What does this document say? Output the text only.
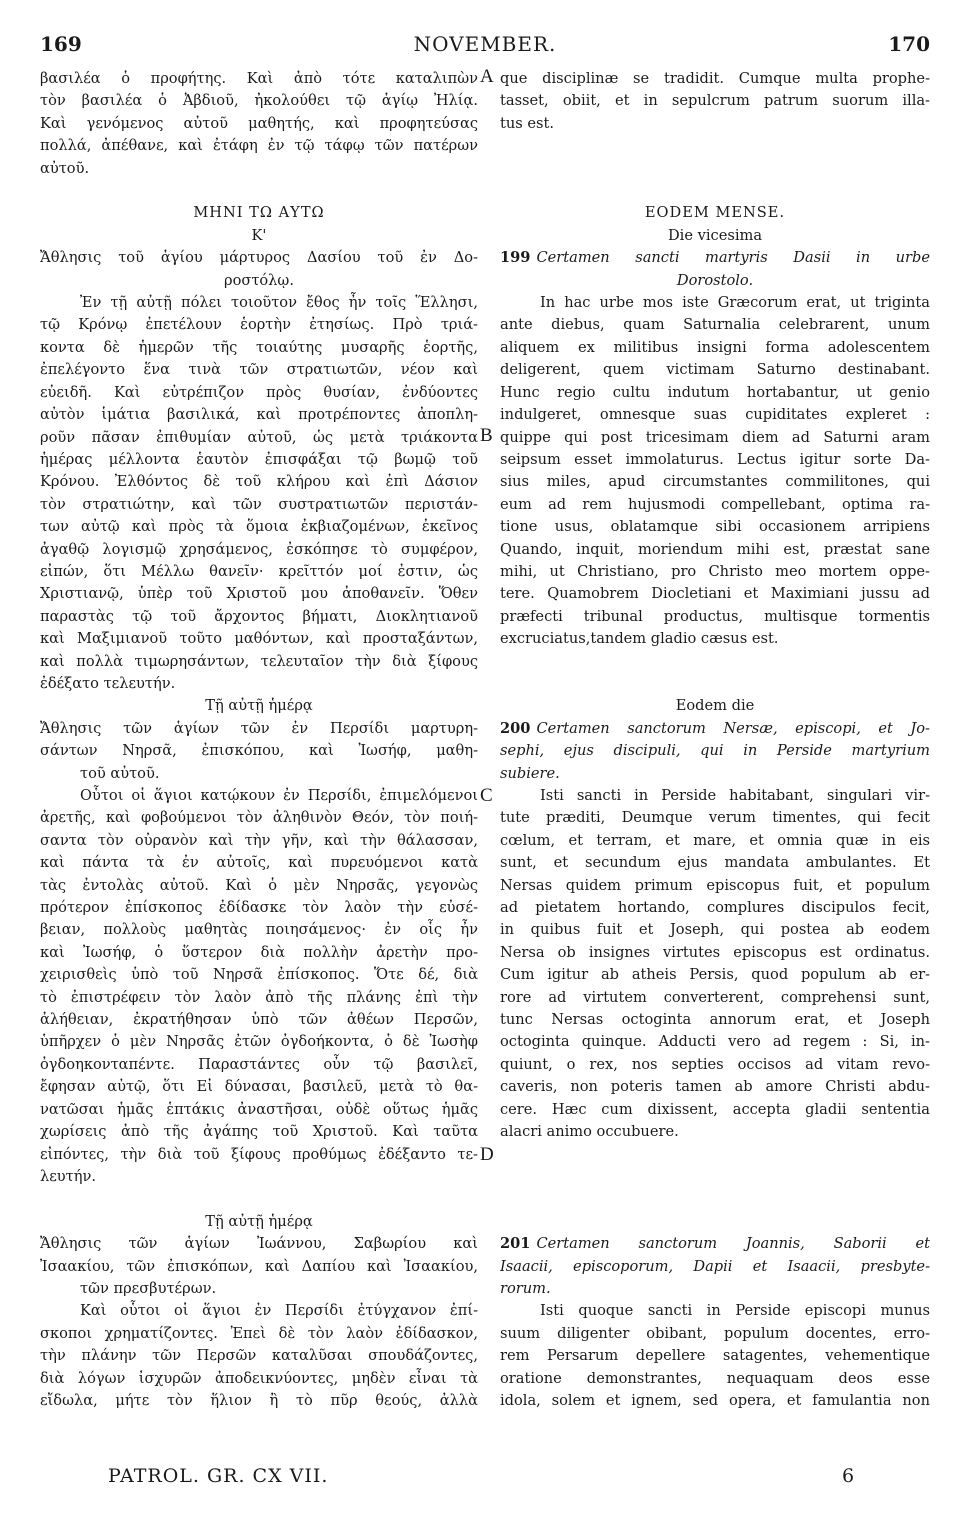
169	NOVEMBER.	170
βασιλέα ὁ προφήτης. Καὶ ἀπὸ τότε καταλιπὼν
τὸν βασιλέα ὁ Ἀβδιοῦ, ἠκολούθει τῷ ἁγίῳ Ἠλίᾳ.
Καὶ γενόμενος αὐτοῦ μαθητής, καὶ προφητεύσας
πολλά, ἀπέθανε, καὶ ἐτάφη ἐν τῷ τάφῳ τῶν πατέρων
αὐτοῦ.

ΜΗΝΙ ΤΩ ΑΥΤΩ
Κ'
Ἄθλησις τοῦ ἁγίου μάρτυρος Δασίου τοῦ ἐν Δο-
ροστόλῳ.
Ἐν τῇ αὐτῇ πόλει τοιοῦτον ἔθος ἦν τοῖς Ἕλλησι,
τῷ Κρόνῳ ἐπετέλουν ἑορτὴν ἐτησίως. Πρὸ τριά-
κοντα δὲ ἡμερῶν τῆς τοιαύτης μυσαρῆς ἑορτῆς,
ἐπελέγοντο ἕνα τινὰ τῶν στρατιωτῶν, νέον καὶ
εὐειδῆ. Καὶ εὐτρέπιζον πρὸς θυσίαν, ἐνδύοντες
αὐτὸν ἱμάτια βασιλικά, καὶ προτρέποντες ἀποπλη-
ροῦν πᾶσαν ἐπιθυμίαν αὐτοῦ, ὡς μετὰ τριάκοντα
ἡμέρας μέλλοντα ἑαυτὸν ἐπισφάξαι τῷ βωμῷ τοῦ
Κρόνου. Ἐλθόντος δὲ τοῦ κλήρου καὶ ἐπὶ Δάσιον
τὸν στρατιώτην, καὶ τῶν συστρατιωτῶν περιστάν-
των αὐτῷ καὶ πρὸς τὰ ὅμοια ἐκβιαζομένων, ἐκεῖνος
ἀγαθῷ λογισμῷ χρησάμενος, ἐσκόπησε τὸ συμφέρον,
εἰπών, ὅτι Μέλλω θανεῖν· κρεῖττόν μοί ἐστιν, ὡς
Χριστιανῷ, ὑπὲρ τοῦ Χριστοῦ μου ἀποθανεῖν. Ὅθεν
παραστὰς τῷ τοῦ ἄρχοντος βήματι, Διοκλητιανοῦ
καὶ Μαξιμιανοῦ τοῦτο μαθόντων, καὶ προσταξάντων,
καὶ πολλὰ τιμωρησάντων, τελευταῖον τὴν διὰ ξίφους
ἐδέξατο τελευτήν.
Τῇ αὐτῇ ἡμέρᾳ
Ἄθλησις τῶν ἁγίων τῶν ἐν Περσίδι μαρτυρη-
σάντων Νηρσᾶ, ἐπισκόπου, καὶ Ἰωσήφ, μαθη-
τοῦ αὐτοῦ.
Οὗτοι οἱ ἅγιοι κατῴκουν ἐν Περσίδι, ἐπιμελόμενοι
ἀρετῆς, καὶ φοβούμενοι τὸν ἀληθινὸν Θεόν, τὸν ποιή-
σαντα τὸν οὐρανὸν καὶ τὴν γῆν, καὶ τὴν θάλασσαν,
καὶ πάντα τὰ ἐν αὐτοῖς, καὶ πυρευόμενοι κατὰ
τὰς ἐντολὰς αὐτοῦ. Καὶ ὁ μὲν Νηρσᾶς, γεγονὼς
πρότερον ἐπίσκοπος ἐδίδασκε τὸν λαὸν τὴν εὐσέ-
βειαν, πολλοὺς μαθητὰς ποιησάμενος· ἐν οἷς ἦν
καὶ Ἰωσήφ, ὁ ὕστερον διὰ πολλὴν ἀρετὴν προ-
χειρισθεὶς ὑπὸ τοῦ Νηρσᾶ ἐπίσκοπος. Ὅτε δέ, διὰ
τὸ ἐπιστρέφειν τὸν λαὸν ἀπὸ τῆς πλάνης ἐπὶ τὴν
ἀλήθειαν, ἐκρατήθησαν ὑπὸ τῶν ἀθέων Περσῶν,
ὑπῆρχεν ὁ μὲν Νηρσᾶς ἐτῶν ὀγδοήκοντα, ὁ δὲ Ἰωσὴφ
ὀγδοηκονταπέντε. Παραστάντες οὖν τῷ βασιλεῖ,
ἔφησαν αὐτῷ, ὅτι Εἰ δύνασαι, βασιλεῦ, μετὰ τὸ θα-
νατῶσαι ἡμᾶς ἑπτάκις ἀναστῆσαι, οὐδὲ οὕτως ἡμᾶς
χωρίσεις ἀπὸ τῆς ἀγάπης τοῦ Χριστοῦ. Καὶ ταῦτα
εἰπόντες, τὴν διὰ τοῦ ξίφους προθύμως ἐδέξαντο τε-
λευτήν.

Τῇ αὐτῇ ἡμέρᾳ
Ἄθλησις τῶν ἁγίων Ἰωάννου, Σαβωρίου καὶ
Ἰσαακίου, τῶν ἐπισκόπων, καὶ Δαπίου καὶ Ἰσαακίου,
τῶν πρεσβυτέρων.
Καὶ οὗτοι οἱ ἅγιοι ἐν Περσίδι ἐτύγχανον ἐπί-
σκοποι χρηματίζοντες. Ἐπεὶ δὲ τὸν λαὸν ἐδίδασκον,
τὴν πλάνην τῶν Περσῶν καταλῦσαι σπουδάζοντες,
διὰ λόγων ἰσχυρῶν ἀποδεικνύοντες, μηδὲν εἶναι τὰ
εἴδωλα, μήτε τὸν ἥλιον ἢ τὸ πῦρ θεούς, ἀλλὰ
que disciplinæ se tradidit. Cumque multa prophe-
tasset, obiit, et in sepulcrum patrum suorum illa-
tus est.

EODEM MENSE.
Die vicesima
199 Certamen sancti martyris Dasii in urbe
Dorostolo.
In hac urbe mos iste Græcorum erat, ut triginta
ante diebus, quam Saturnalia celebrarent, unum
aliquem ex militibus insigni forma adolescentem
deligerent, quem victimam Saturno destinabant.
Hunc regio cultu indutum hortabantur, ut genio
indulgeret, omnesque suas cupiditates expleret :
quippe qui post tricesimam diem ad Saturni aram
seipsum esset immolaturus. Lectus igitur sorte Da-
sius miles, apud circumstantes commilitones, qui
eum ad rem hujusmodi compellebant, optima ra-
tione usus, oblatamque sibi occasionem arripiens
Quando, inquit, moriendum mihi est, præstat sane
mihi, ut Christiano, pro Christo meo mortem oppe-
tere. Quamobrem Diocletiani et Maximiani jussu ad
præfecti tribunal productus, multisque tormentis
excruciatus,tandem gladio cæsus est.

Eodem die
200 Certamen sanctorum Nersæ, episcopi, et Jo-
sephi, ejus discipuli, qui in Perside martyrium
subiere.
Isti sancti in Perside habitabant, singulari vir-
tute præditi, Deumque verum timentes, qui fecit
cœlum, et terram, et mare, et omnia quæ in eis
sunt, et secundum ejus mandata ambulantes. Et
Nersas quidem primum episcopus fuit, et populum
ad pietatem hortando, complures discipulos fecit,
in quibus fuit et Joseph, qui postea ab eodem
Nersa ob insignes virtutes episcopus est ordinatus.
Cum igitur ab atheis Persis, quod populum ab er-
rore ad virtutem converterent, comprehensi sunt,
tunc Nersas octoginta annorum erat, et Joseph
octoginta quinque. Adducti vero ad regem : Si, in-
quiunt, o rex, nos septies occisos ad vitam revo-
caveris, non poteris tamen ab amore Christi abdu-
cere. Hæc cum dixissent, accepta gladii sententia
alacri animo occubuere.

201 Certamen sanctorum Joannis, Saborii et
Isaacii, episcoporum, Dapii et Isaacii, presbyte-
rorum.
Isti quoque sancti in Perside episcopi munus
suum diligenter obibant, populum docentes, erro-
rem Persarum depellere satagentes, vehementique
oratione demonstrantes, nequaquam deos esse
idola, solem et ignem, sed opera, et famulantia non
A
B
C
D
PATROL. GR. CX VII.	6
